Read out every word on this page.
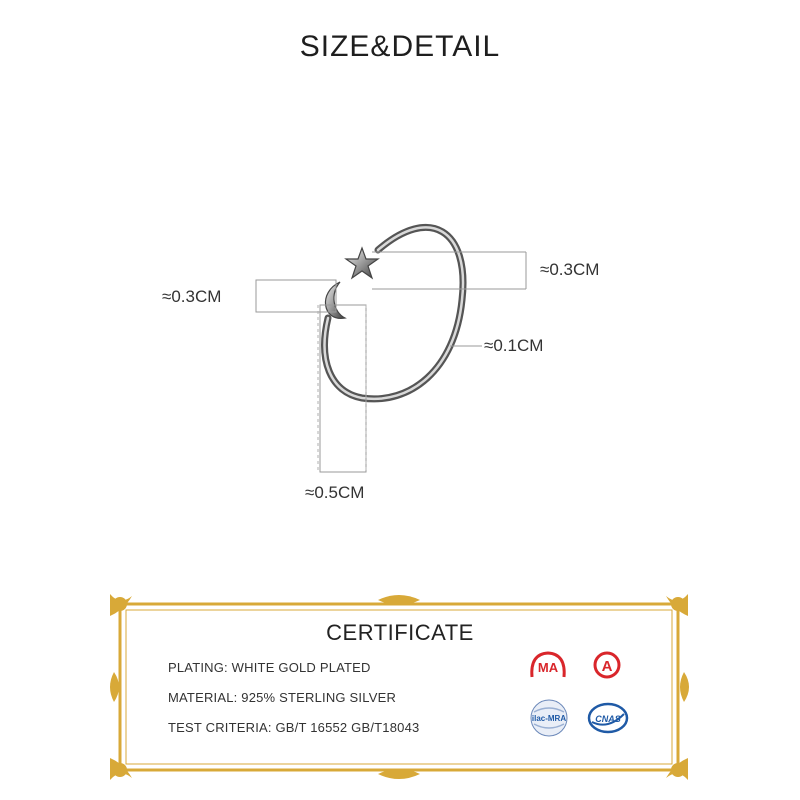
SIZE&DETAIL
≈0.3CM
≈0.3CM
≈0.1CM
≈0.5CM
CERTIFICATE
PLATING: WHITE GOLD PLATED
MATERIAL: 925% STERLING SILVER
TEST CRITERIA: GB/T 16552 GB/T18043
MA	A
ilac-MRA	CNAS
